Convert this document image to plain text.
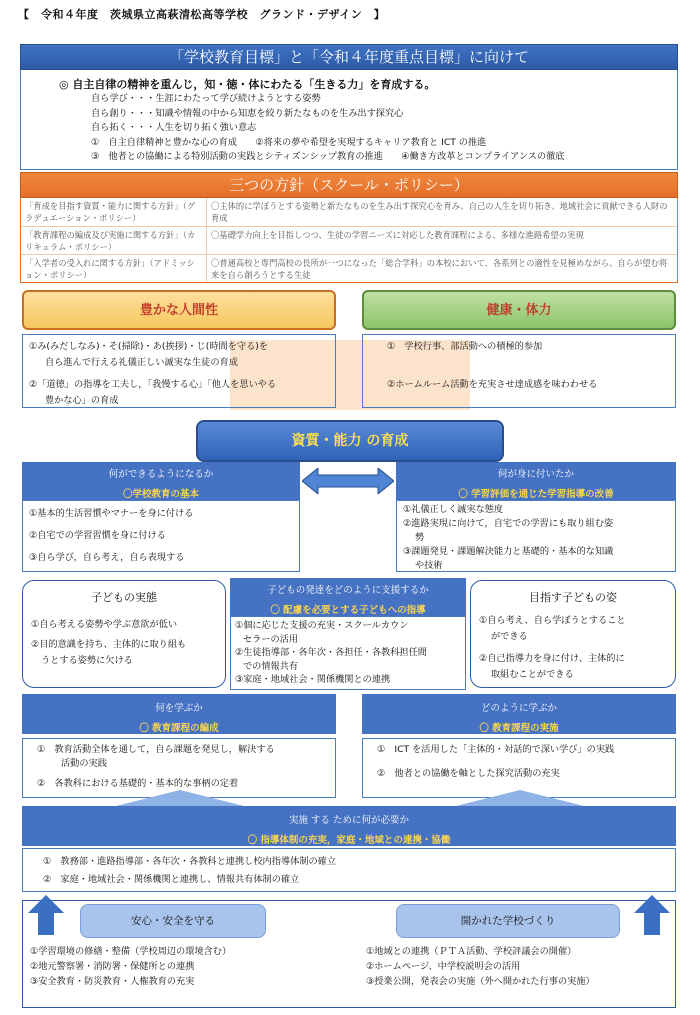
【　令和４年度　茨城県立高萩清松高等学校　グランド・デザイン　】
「学校教育目標」と「令和４年度重点目標」に向けて
◎ 自主自律の精神を重んじ，知・徳・体にわたる「生きる力」を育成する。
自ら学び・・・生涯にわたって学び続けようとする姿勢
自ら創り・・・知識や情報の中から知恵を絞り新たなものを生み出す探究心
自ら拓く・・・人生を切り拓く強い意志
①　自主自律精神と豊かな心の育成　　②将来の夢や希望を実現するキャリア教育と ICT の推進
③　他者との協働による特別活動の実践とシティズンシップ教育の推進　　④働き方改革とコンプライアンスの徹底
三つの方針（スクール・ポリシー）
「育成を目指す資質・能力に関する方針」（グラデュエーション・ポリシー）
〇主体的に学ぼうとする姿勢と新たなものを生み出す探究心を育み、自己の人生を切り拓き、地域社会に貢献できる人財の育成
「教育課程の編成及び実施に関する方針」（カリキュラム・ポリシー）
〇基礎学力向上を目指しつつ、生徒の学習ニーズに対応した教育課程による、多様な進路希望の実現
「入学者の受入れに関する方針」（アドミッション・ポリシー）
〇普通高校と専門高校の長所が一つになった「総合学科」の本校において、各系列との適性を見極めながら、自らが望む将来を自ら創ろうとする生徒
豊かな人間性	健康・体力
①み(みだしなみ)・そ(掃除)・あ(挨拶)・じ(時間を守る)を
自ら進んで行える礼儀正しい誠実な生徒の育成
②「道徳」の指導を工夫し，「我慢する心」「他人を思いやる
豊かな心」の育成
①　学校行事、部活動への積極的参加
②ホームルーム活動を充実させ達成感を味わわせる
資質・能力 の育成
何ができるようになるか
〇学校教育の基本
何が身に付いたか
〇 学習評価を通じた学習指導の改善
①基本的生活習慣やマナーを身に付ける
②自宅での学習習慣を身に付ける
③自ら学び，自ら考え，自ら表現する
①礼儀正しく誠実な態度
②進路実現に向けて，自宅での学習にも取り組む姿
勢
③課題発見・課題解決能力と基礎的・基本的な知識
や技術
子どもの実態
①自ら考える姿勢や学ぶ意欲が低い
②目的意識を持ち、主体的に取り組も
うとする姿勢に欠ける
子どもの発達をどのように支援するか
〇 配慮を必要とする子どもへの指導
①個に応じた支援の充実・スクールカウン
セラーの活用
②生徒指導部・各年次・各担任・各教科担任間
での情報共有
③家庭・地域社会・関係機関との連携
目指す子どもの姿
①自ら考え、自ら学ぼうとすること
ができる
②自己指導力を身に付け、主体的に
取組むことができる
何を学ぶか
〇 教育課程の編成
どのように学ぶか
〇 教育課程の実施
①　教育活動全体を通して，自ら課題を発見し，解決する
活動の実践
②　各教科における基礎的・基本的な事柄の定着
①　ICT を活用した「主体的・対話的で深い学び」の実践
②　他者との協働を軸とした探究活動の充実
実施 する ために何が必要か
〇 指導体制の充実，家庭・地域との連携・協働
①　教務部・進路指導部・各年次・各教科と連携し校内指導体制の確立
②　家庭・地域社会・関係機関と連携し、情報共有体制の確立
安心・安全を守る	開かれた学校づくり
①学習環境の修繕・整備（学校周辺の環境含む）
②地元警察署・消防署・保健所との連携
③安全教育・防災教育・人権教育の充実
①地域との連携（ＰＴＡ活動、学校評議会の開催）
②ホームページ、中学校説明会の活用
③授業公開，発表会の実施（外へ開かれた行事の実施）
